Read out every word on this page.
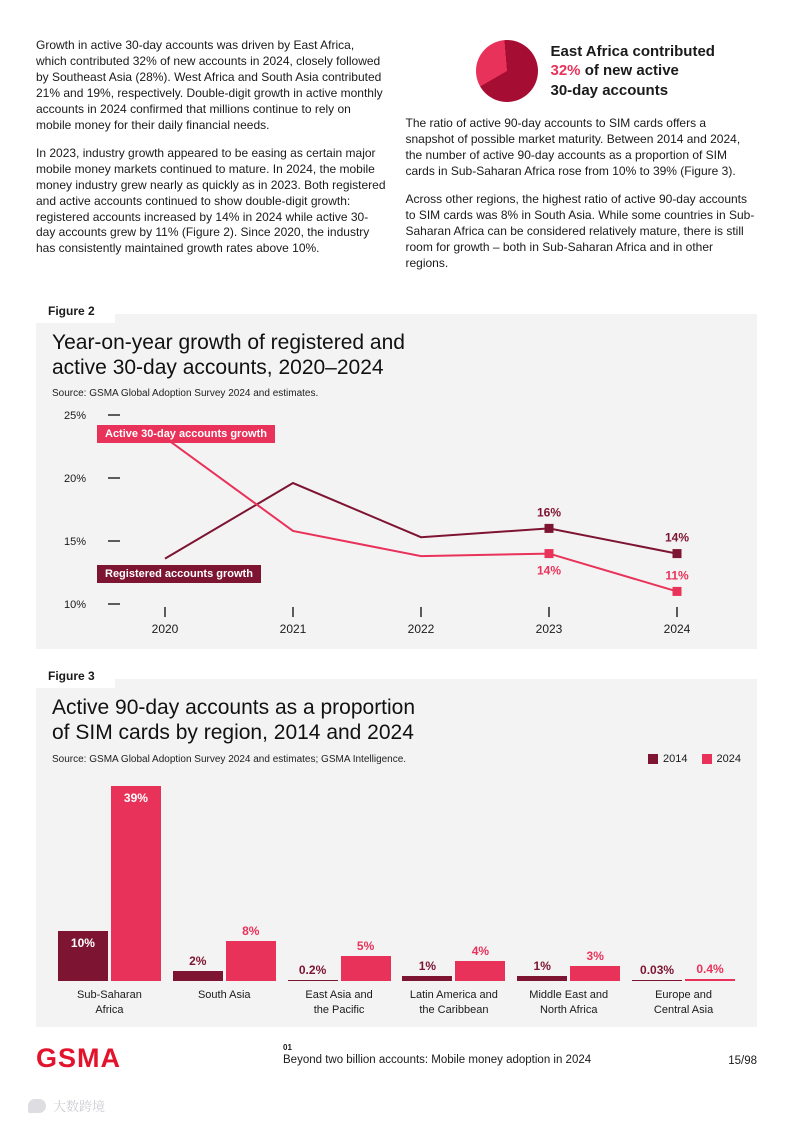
Growth in active 30-day accounts was driven by East Africa, which contributed 32% of new accounts in 2024, closely followed by Southeast Asia (28%). West Africa and South Asia contributed 21% and 19%, respectively. Double-digit growth in active monthly accounts in 2024 confirmed that millions continue to rely on mobile money for their daily financial needs.

In 2023, industry growth appeared to be easing as certain major mobile money markets continued to mature. In 2024, the mobile money industry grew nearly as quickly as in 2023. Both registered and active accounts continued to show double-digit growth: registered accounts increased by 14% in 2024 while active 30-day accounts grew by 11% (Figure 2). Since 2020, the industry has consistently maintained growth rates above 10%.

East Africa contributed
32% of new active
30-day accounts

The ratio of active 90-day accounts to SIM cards offers a snapshot of possible market maturity. Between 2014 and 2024, the number of active 90-day accounts as a proportion of SIM cards in Sub-Saharan Africa rose from 10% to 39% (Figure 3).

Across other regions, the highest ratio of active 90-day accounts to SIM cards was 8% in South Asia. While some countries in Sub-Saharan Africa can be considered relatively mature, there is still room for growth – both in Sub-Saharan Africa and in other regions.

Figure 2
Year-on-year growth of registered and
active 30-day accounts, 2020–2024
Source: GSMA Global Adoption Survey 2024 and estimates.
25%
20%
15%
10%
2020	2021	2022	2023	2024
16%
14%
14%	11%
Active 30-day accounts growth
Registered accounts growth
Figure 3
Active 90-day accounts as a proportion
of SIM cards by region, 2014 and 2024
Source: GSMA Global Adoption Survey 2024 and estimates; GSMA Intelligence.	2014	2024
10%
39%
Sub-Saharan
Africa
2%
8%
South Asia
0.2%
5%
East Asia and
the Pacific
1%
4%
Latin America and
the Caribbean
1%
3%
Middle East and
North Africa
0.03% 0.4%
Europe and
Central Asia
GSMA	01
Beyond two billion accounts: Mobile money adoption in 2024	15/98
大数跨境
